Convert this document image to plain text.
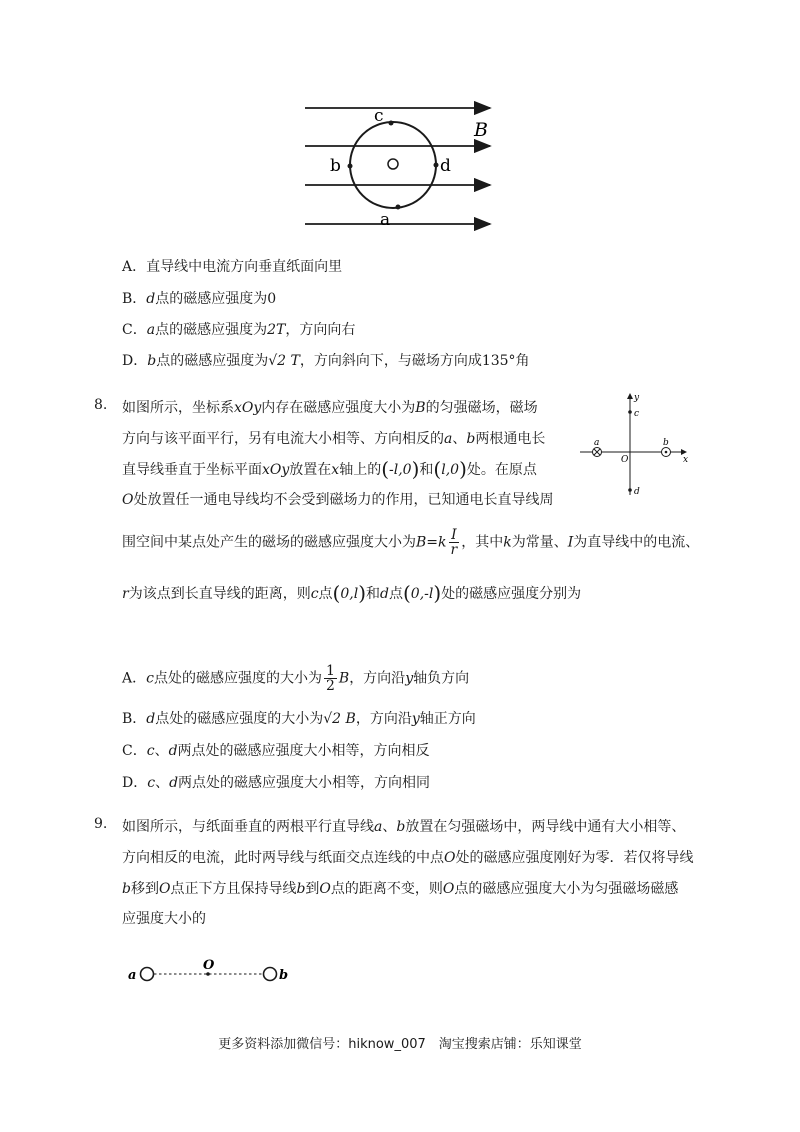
c
b	d
a
B
A．直导线中电流方向垂直纸面向里
B．d点的磁感应强度为0
C．a点的磁感应强度为2T，方向向右
D．b点的磁感应强度为√2 T，方向斜向下，与磁场方向成135°角
8. 如图所示，坐标系xOy内存在磁感应强度大小为B的匀强磁场，磁场
方向与该平面平行，另有电流大小相等、方向相反的a、b两根通电长
直导线垂直于坐标平面xOy放置在x轴上的(-l,0)和(l,0)处。在原点
O处放置任一通电导线均不会受到磁场力的作用，已知通电长直导线周
围空间中某点处产生的磁场的磁感应强度大小为$B=k \frac{I}{r}$ ，其中k为常量、I为直导线中的电流、
r为该点到长直导线的距离，则c点(0,l)和d点(0,-l)处的磁感应强度分别为
y
c
a	b
O	x
d
A．c点处的磁感应强度的大小为 $\frac{1}{2}$ B，方向沿y轴负方向
B．d点处的磁感应强度的大小为√2 B，方向沿y轴正方向
C．c、d两点处的磁感应强度大小相等，方向相反
D．c、d两点处的磁感应强度大小相等，方向相同
9. 如图所示，与纸面垂直的两根平行直导线a、b放置在匀强磁场中，两导线中通有大小相等、
方向相反的电流，此时两导线与纸面交点连线的中点O处的磁感应强度刚好为零．若仅将导线
b移到O点正下方且保持导线b到O点的距离不变，则O点的磁感应强度大小为匀强磁场磁感
应强度大小的
a
O
b
更多资料添加微信号：hiknow_007　淘宝搜索店铺：乐知课堂
